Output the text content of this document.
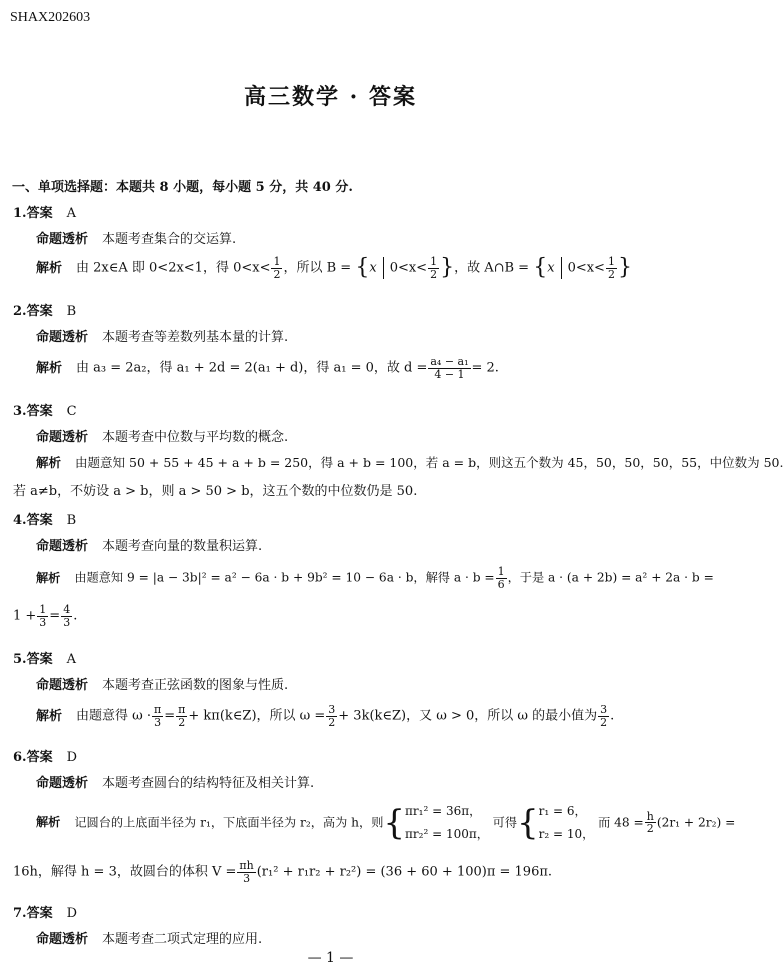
SHAX202603
高三数学 · 答案
一、单项选择题：本题共 8 小题，每小题 5 分，共 40 分.
1.答案 A
命题透析 本题考查集合的交运算.
解析 由 2x∈A 即 0<2x<1，得 $0<x< \frac{1}{2}$ ，所以 B = {x $0<x< \frac{1}{2}$ }，故 A∩B = {x $0<x< \frac{1}{2}$ }
2.答案 B
命题透析 本题考查等差数列基本量的计算.
解析 由 a₃ = 2a₂，得 a₁ + 2d = 2(a₁ + d)，得 a₁ = 0，故 $d = \frac{\text{a₄ − a₁}}{4 - 1} = 2$.
3.答案 C
命题透析 本题考查中位数与平均数的概念.
解析 由题意知 50 + 55 + 45 + a + b = 250，得 a + b = 100，若 a = b，则这五个数为 45，50，50，50，55，中位数为 50.
若 a≠b，不妨设 a > b，则 a > 50 > b，这五个数的中位数仍是 50.
4.答案 B
命题透析 本题考查向量的数量积运算.
解析 由题意知 9 = |a − 3b|² = a² − 6a · b + 9b² = 10 − 6a · b，解得 $a \cdot b = \frac{1}{6}$ ，于是 a · (a + 2b) = a² + 2a · b =
$1 + \frac{1}{3} = \frac{4}{3}$ .
5.答案 A
命题透析 本题考查正弦函数的图象与性质.
解析 由题意得 $\omega \cdot \frac{\pi}{3} = \frac{\pi}{2}$ + kπ(k∈Z)，所以 $\omega = \frac{3}{2}$ + 3k(k∈Z)，又 ω > 0，所以 ω 的最小值为 $\frac{3}{2}$ .
6.答案 D
命题透析 本题考查圆台的结构特征及相关计算.
解析 记圆台的上底面半径为 r₁，下底面半径为 r₂，高为 h，则{πr₁² = 36π，
πr₂² = 100π， 可得{r₁ = 6，
r₂ = 10， 而 $48 = \frac{h}{2} (2r_1 + 2r_2)$ =
16h，解得 h = 3，故圆台的体积 $V = \frac{\pi h}{3} (r_1^2 + r_1r_2 + r_2^2) = (36 + 60 + 100)\pi = 196\pi$.
7.答案 D
命题透析 本题考查二项式定理的应用.
— 1 —
